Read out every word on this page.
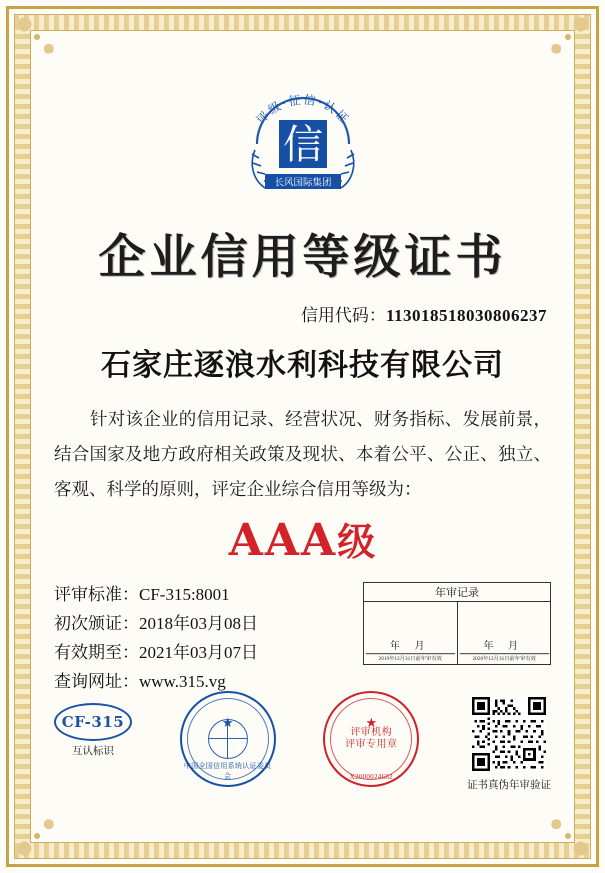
信
评级·征信·认证
长风国际集团
企业信用等级证书
信用代码：113018518030806237
石家庄逐浪水利科技有限公司
针对该企业的信用记录、经营状况、财务指标、发展前景，结合国家及地方政府相关政策及现状、本着公平、公正、独立、客观、科学的原则，评定企业综合信用等级为：
AAA级
评审标准：CF-315:8001
初次颁证：2018年03月08日
有效期至：2021年03月07日
查询网址：www.315.vg
年审记录
年 月
2019年12月31日前年审有效
年 月
2020年12月31日前年审有效
CF-315
互认标识
中国全国信用系统认证委员会
★
评审机构
评审专用章
X2000024682
证书真伪年审验证
